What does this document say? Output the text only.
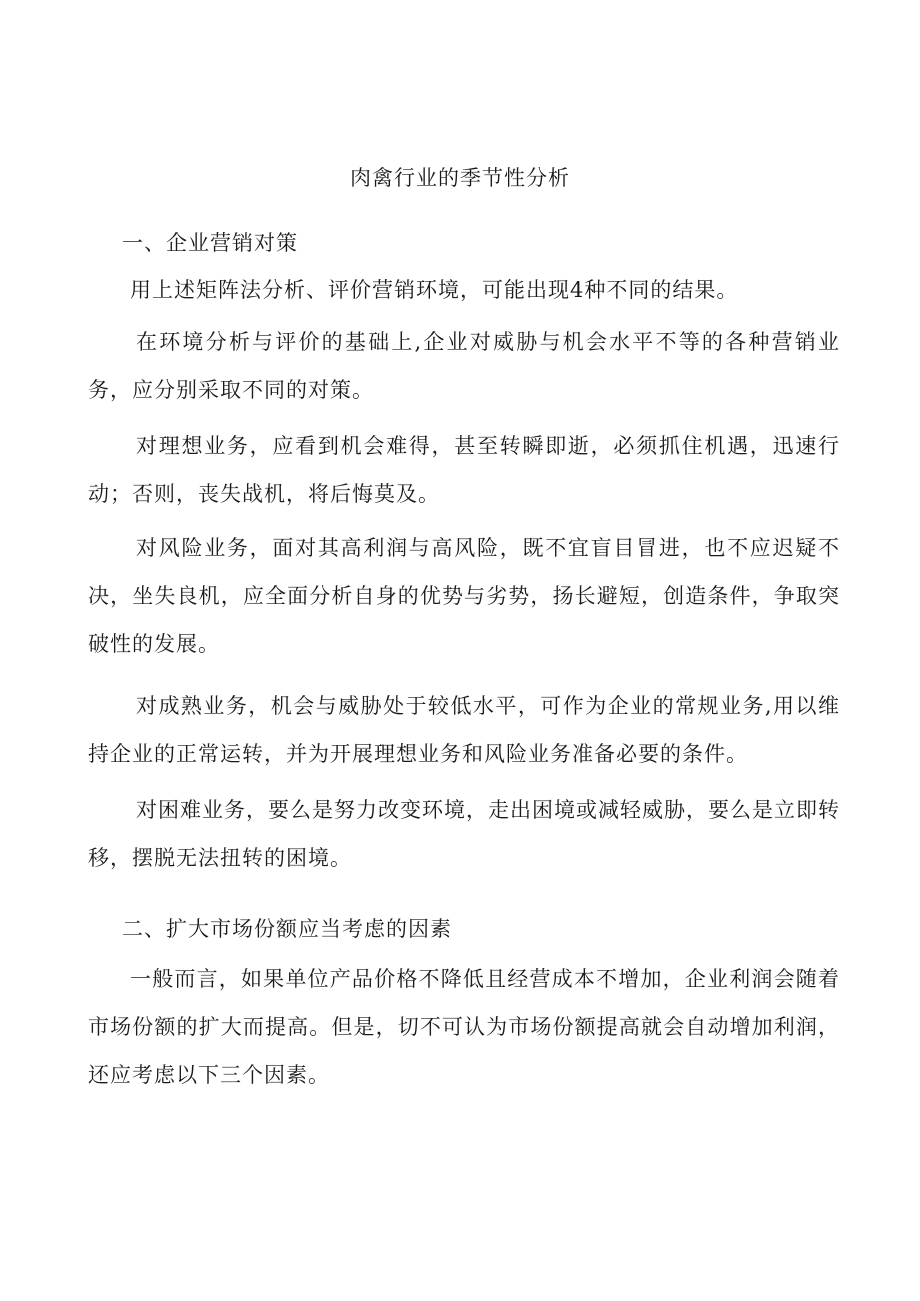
肉禽行业的季节性分析
一、企业营销对策
用上述矩阵法分析、评价营销环境，可能出现4种不同的结果。
在环境分析与评价的基础上,企业对威胁与机会水平不等的各种营销业务，应分别采取不同的对策。
对理想业务，应看到机会难得，甚至转瞬即逝，必须抓住机遇，迅速行动；否则，丧失战机，将后悔莫及。
对风险业务，面对其高利润与高风险，既不宜盲目冒进，也不应迟疑不决，坐失良机，应全面分析自身的优势与劣势，扬长避短，创造条件，争取突破性的发展。
对成熟业务，机会与威胁处于较低水平，可作为企业的常规业务,用以维持企业的正常运转，并为开展理想业务和风险业务准备必要的条件。
对困难业务，要么是努力改变环境，走出困境或减轻威胁，要么是立即转移，摆脱无法扭转的困境。
二、扩大市场份额应当考虑的因素
一般而言，如果单位产品价格不降低且经营成本不增加，企业利润会随着市场份额的扩大而提高。但是，切不可认为市场份额提高就会自动增加利润，还应考虑以下三个因素。
